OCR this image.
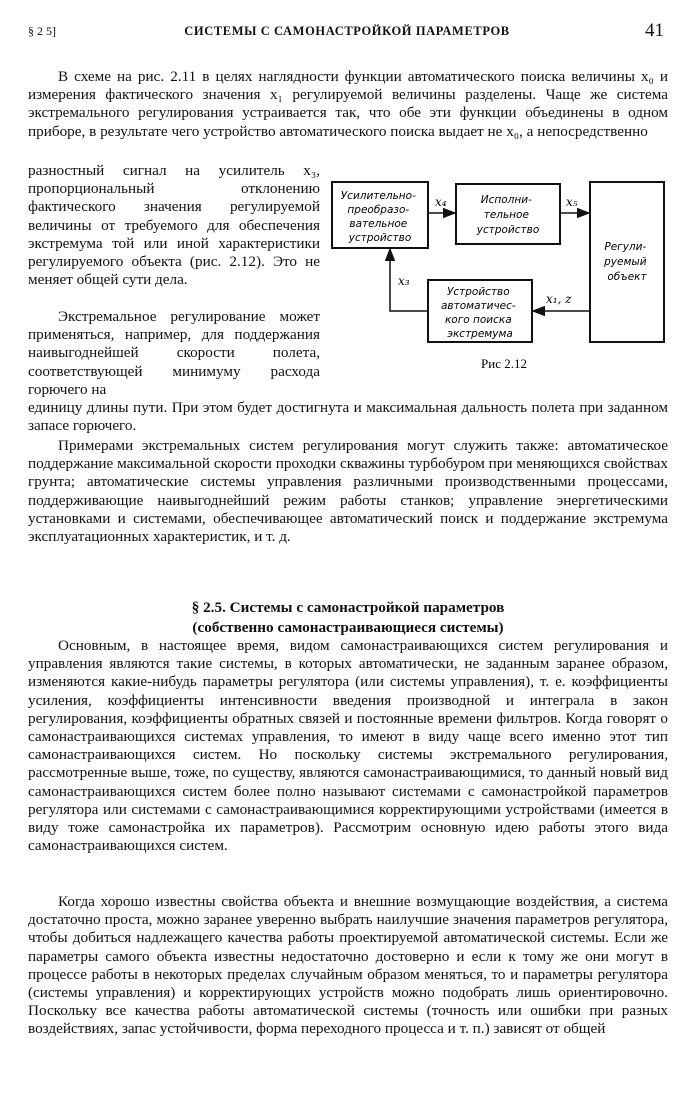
§ 2 5]	СИСТЕМЫ С САМОНАСТРОЙКОЙ ПАРАМЕТРОВ	41

В схеме на рис. 2.11 в целях наглядности функции автоматического поиска величины x₀ и измерения фактического значения x₁ регулируемой величины разделены. Чаще же система экстремального регулирования устраивается так, что обе эти функции объединены в одном приборе, в результате чего устройство автоматического поиска выдает не x₀, а непосредственно

разностный сигнал на усилитель x₃, пропорциональный отклонению фактического значения регулируемой величины от требуемого для обеспечения экстремума той или иной характеристики регулируемого объекта (рис. 2.12). Это не меняет общей сути дела.

Экстремальное регулирование может применяться, например, для поддержания наивыгоднейшей скорости полета, соответствующей минимуму расхода горючего на

единицу длины пути. При этом будет достигнута и максимальная дальность полета при заданном запасе горючего.

Примерами экстремальных систем регулирования могут служить также: автоматическое поддержание максимальной скорости проходки скважины турбобуром при меняющихся свойствах грунта; автоматические системы управления различными производственными процессами, поддерживающие наивыгоднейший режим работы станков; управление энергетическими установками и системами, обеспечивающее автоматический поиск и поддержание экстремума эксплуатационных характеристик, и т. д.

§ 2.5. Системы с самонастройкой параметров
(собственно самонастраивающиеся системы)

Основным, в настоящее время, видом самонастраивающихся систем регулирования и управления являются такие системы, в которых автоматически, не заданным заранее образом, изменяются какие-нибудь параметры регулятора (или системы управления), т. е. коэффициенты усиления, коэффициенты интенсивности введения производной и интеграла в закон регулирования, коэффициенты обратных связей и постоянные времени фильтров. Когда говорят о самонастраивающихся системах управления, то имеют в виду чаще всего именно этот тип самонастраивающихся систем. Но поскольку системы экстремального регулирования, рассмотренные выше, тоже, по существу, являются самонастраивающимися, то данный новый вид самонастраивающихся систем более полно называют системами с самонастройкой параметров регулятора или системами с самонастраивающимися корректирующими устройствами (имеется в виду тоже самонастройка их параметров). Рассмотрим основную идею работы этого вида самонастраивающихся систем.

Когда хорошо известны свойства объекта и внешние возмущающие воздействия, а система достаточно проста, можно заранее уверенно выбрать наилучшие значения параметров регулятора, чтобы добиться надлежащего качества работы проектируемой автоматической системы. Если же параметры самого объекта известны недостаточно достоверно и если к тому же они могут в процессе работы в некоторых пределах случайным образом меняться, то и параметры регулятора (системы управления) и корректирующих устройств можно подобрать лишь ориентировочно. Поскольку все качества работы автоматической системы (точность или ошибки при разных воздействиях, запас устойчивости, форма переходного процесса и т. п.) зависят от общей

Усилительно- преобразо- вательное устройство
Исполни- тельное устройство
Регули- руемый объект
Устройство автоматичес- кого поиска экстремума
x₄	x₅
x₁, z
x₃
Рис 2.12
